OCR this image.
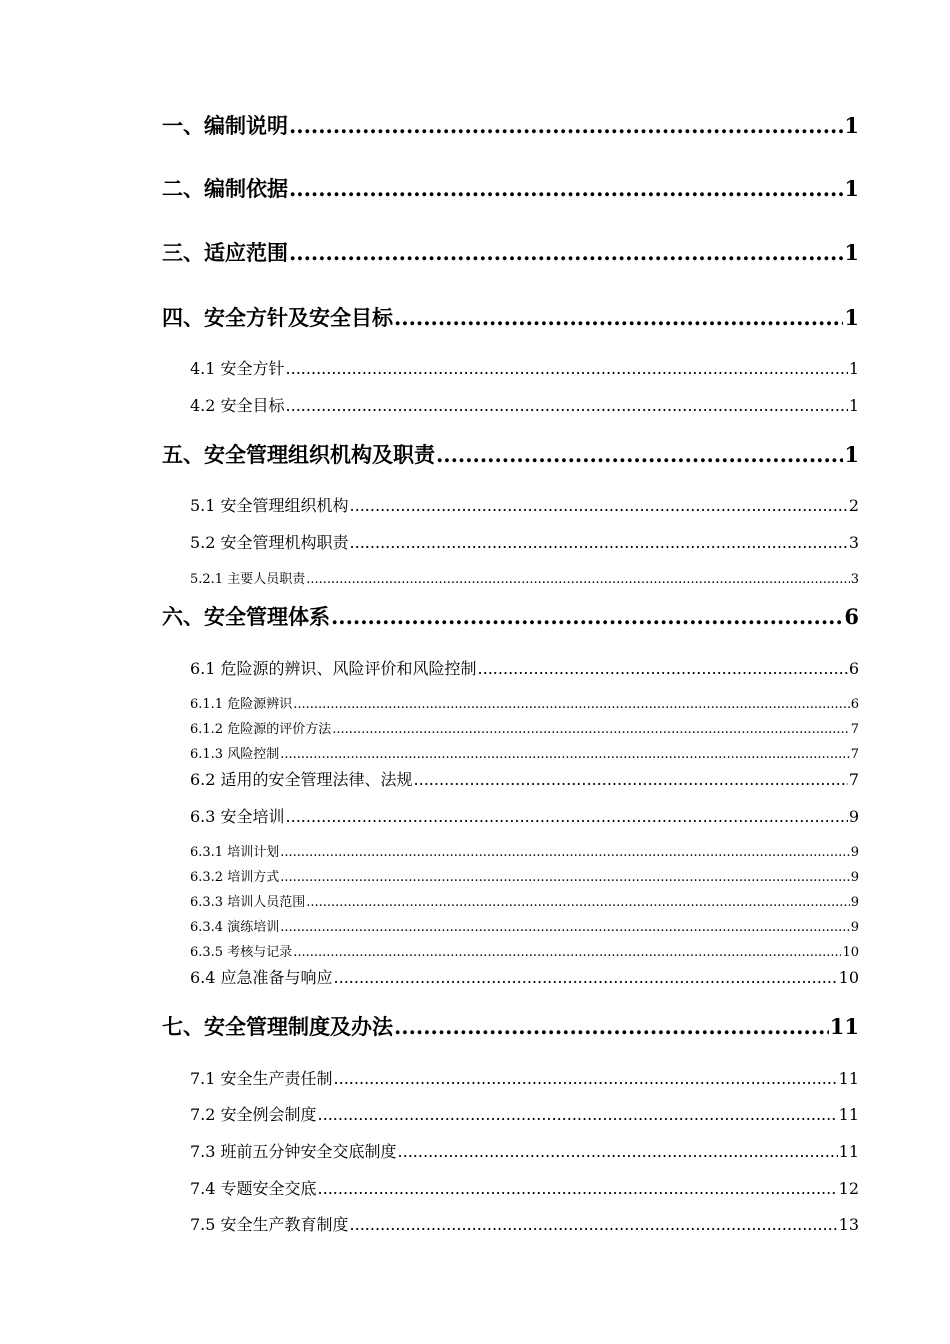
一、编制说明 .....	1
二、编制依据 .....	1
三、适应范围 .....	1
四、安全方针及安全目标 .....	1
4.1 安全方针 .....	1
4.2 安全目标 .....	1
五、安全管理组织机构及职责 .....	1
5.1 安全管理组织机构 .....	2
5.2 安全管理机构职责 .....	3
5.2.1 主要人员职责 .....	3
六、安全管理体系 .....	6
6.1 危险源的辨识、风险评价和风险控制 .....	6
6.1.1 危险源辨识 .....	6
6.1.2 危险源的评价方法 .....	7
6.1.3 风险控制 .....	7
6.2 适用的安全管理法律、法规 .....	7
6.3 安全培训 .....	9
6.3.1 培训计划 .....	9
6.3.2 培训方式 .....	9
6.3.3 培训人员范围 .....	9
6.3.4 演练培训 .....	9
6.3.5 考核与记录 .....	10
6.4 应急准备与响应 .....	10
七、安全管理制度及办法 .....	11
7.1 安全生产责任制 .....	11
7.2 安全例会制度 .....	11
7.3 班前五分钟安全交底制度 .....	11
7.4 专题安全交底 .....	12
7.5 安全生产教育制度 .....	13
